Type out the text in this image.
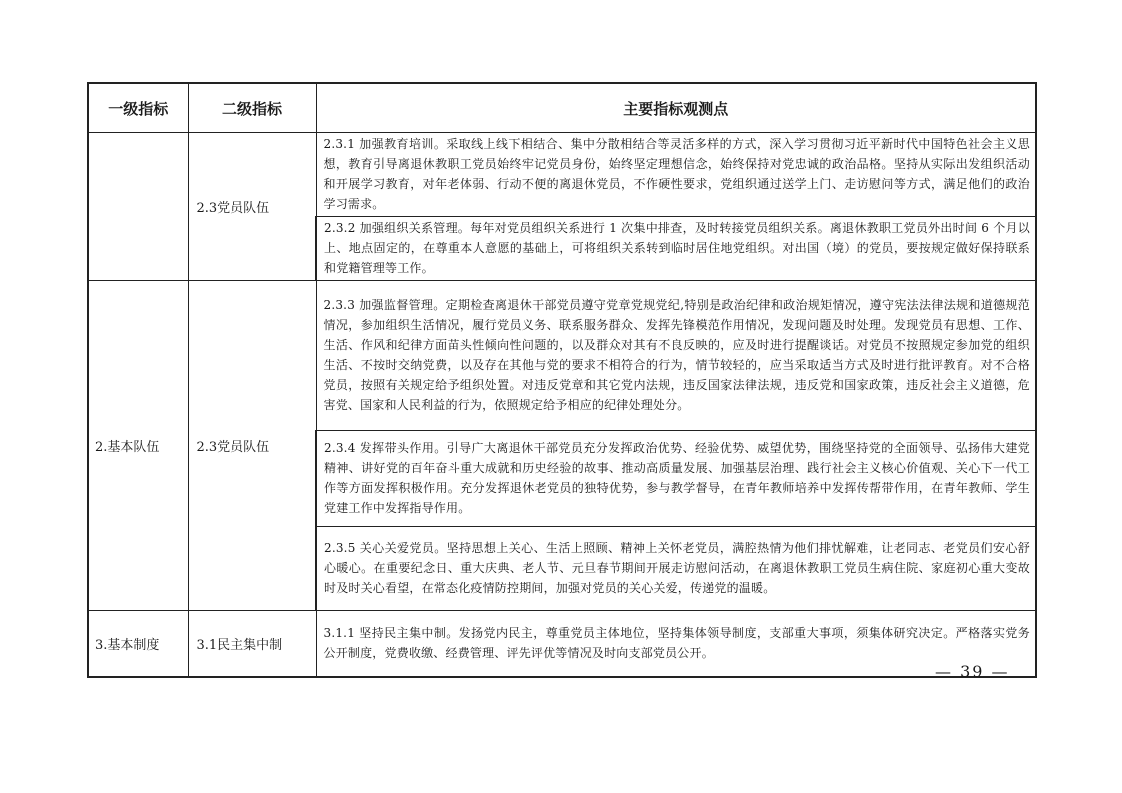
一级指标	二级指标	主要指标观测点
	2.3党员队伍	2.3.1 加强教育培训。采取线上线下相结合、集中分散相结合等灵活多样的方式，深入学习贯彻习近平新时代中国特色社会主义思想，教育引导离退休教职工党员始终牢记党员身份，始终坚定理想信念，始终保持对党忠诚的政治品格。坚持从实际出发组织活动和开展学习教育，对年老体弱、行动不便的离退休党员，不作硬性要求，党组织通过送学上门、走访慰问等方式，满足他们的政治学习需求。

		2.3.2 加强组织关系管理。每年对党员组织关系进行 1 次集中排查，及时转接党员组织关系。离退休教职工党员外出时间 6 个月以上、地点固定的，在尊重本人意愿的基础上，可将组织关系转到临时居住地党组织。对出国（境）的党员，要按规定做好保持联系和党籍管理等工作。

2.基本队伍	2.3党员队伍	2.3.3 加强监督管理。定期检查离退休干部党员遵守党章党规党纪,特别是政治纪律和政治规矩情况，遵守宪法法律法规和道德规范情况，参加组织生活情况，履行党员义务、联系服务群众、发挥先锋模范作用情况，发现问题及时处理。发现党员有思想、工作、生活、作风和纪律方面苗头性倾向性问题的，以及群众对其有不良反映的，应及时进行提醒谈话。对党员不按照规定参加党的组织生活、不按时交纳党费，以及存在其他与党的要求不相符合的行为，情节较轻的，应当采取适当方式及时进行批评教育。对不合格党员，按照有关规定给予组织处置。对违反党章和其它党内法规，违反国家法律法规，违反党和国家政策，违反社会主义道德，危害党、国家和人民利益的行为，依照规定给予相应的纪律处理处分。

		2.3.4 发挥带头作用。引导广大离退休干部党员充分发挥政治优势、经验优势、威望优势，围绕坚持党的全面领导、弘扬伟大建党精神、讲好党的百年奋斗重大成就和历史经验的故事、推动高质量发展、加强基层治理、践行社会主义核心价值观、关心下一代工作等方面发挥积极作用。充分发挥退休老党员的独特优势，参与教学督导，在青年教师培养中发挥传帮带作用，在青年教师、学生党建工作中发挥指导作用。

		2.3.5 关心关爱党员。坚持思想上关心、生活上照顾、精神上关怀老党员，满腔热情为他们排忧解难，让老同志、老党员们安心舒心暖心。在重要纪念日、重大庆典、老人节、元旦春节期间开展走访慰问活动，在离退休教职工党员生病住院、家庭初心重大变故时及时关心看望，在常态化疫情防控期间，加强对党员的关心关爱，传递党的温暖。

3.基本制度	3.1民主集中制	3.1.1 坚持民主集中制。发扬党内民主，尊重党员主体地位，坚持集体领导制度，支部重大事项，须集体研究决定。严格落实党务公开制度，党费收缴、经费管理、评先评优等情况及时向支部党员公开。
— 39 —
